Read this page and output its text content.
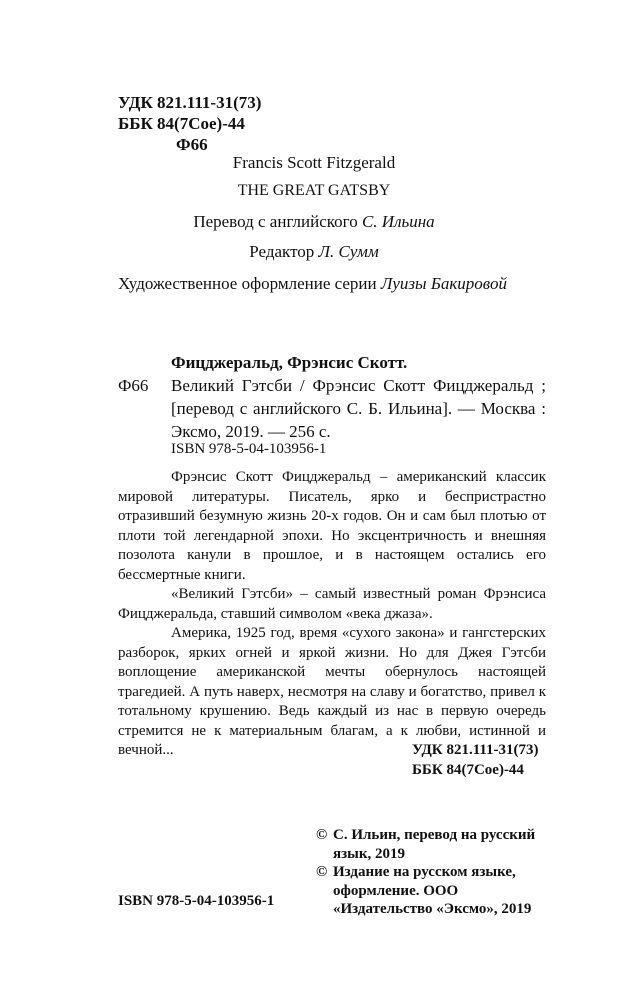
УДК 821.111-31(73)
ББК 84(7Сое)-44
Ф66
Francis Scott Fitzgerald
THE GREAT GATSBY
Перевод с английского С. Ильина
Редактор Л. Сумм
Художественное оформление серии Луизы Бакировой
Фицджеральд, Фрэнсис Скотт.
Ф66 Великий Гэтсби / Фрэнсис Скотт Фицджеральд ; [перевод с английского С. Б. Ильина]. — Москва : Эксмо, 2019. — 256 с.
ISBN 978-5-04-103956-1

Фрэнсис Скотт Фицджеральд – американский классик мировой литературы. Писатель, ярко и беспристрастно отразивший безумную жизнь 20-х годов. Он и сам был плотью от плоти той легендарной эпохи. Но эксцентричность и внешняя позолота канули в прошлое, и в настоящем остались его бессмертные книги.

«Великий Гэтсби» – самый известный роман Фрэнсиса Фицджеральда, ставший символом «века джаза».

Америка, 1925 год, время «сухого закона» и гангстерских разборок, ярких огней и яркой жизни. Но для Джея Гэтсби воплощение американской мечты обернулось настоящей трагедией. А путь наверх, несмотря на славу и богатство, привел к тотальному крушению. Ведь каждый из нас в первую очередь стремится не к материальным благам, а к любви, истинной и вечной...	УДК 821.111-31(73)
ББК 84(7Сое)-44
© С. Ильин, перевод на русский язык, 2019
© Издание на русском языке, оформление. ООО «Издательство «Эксмо», 2019
ISBN 978-5-04-103956-1
